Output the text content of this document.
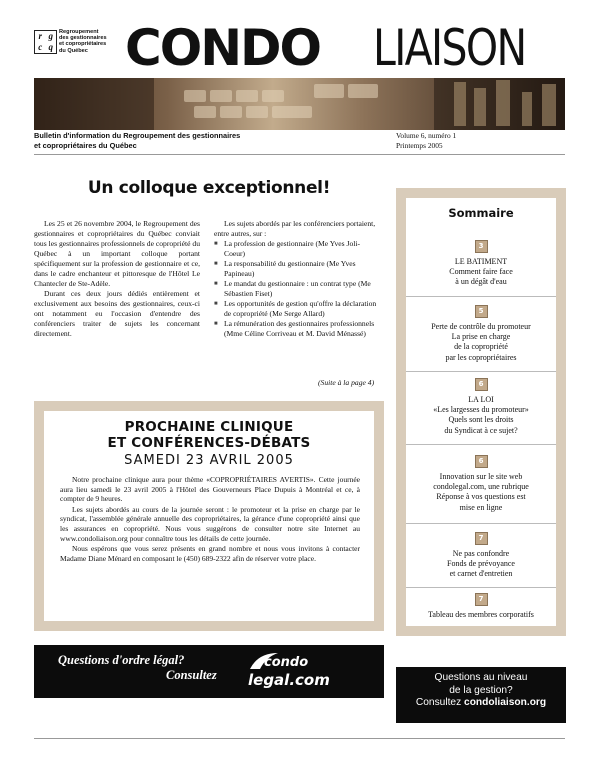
r g
c q
Regroupement
des gestionnaires
et copropriétaires
du Québec CONDO LIAISON
Bulletin d'information du Regroupement des gestionnaires
et copropriétaires du Québec
Volume 6, numéro 1
Printemps 2005
Un colloque exceptionnel!

Les 25 et 26 novembre 2004, le Regroupement des gestionnaires et copropriétaires du Québec conviait tous les gestionnaires professionnels de copropriété du Québec à un important colloque portant spécifiquement sur la profession de gestionnaire et ce, dans le cadre enchanteur et pittoresque de l'Hôtel Le Chantecler de Ste-Adèle.

Durant ces deux jours dédiés entièrement et exclusivement aux besoins des gestionnaires, ceux-ci ont notamment eu l'occasion d'entendre des conférenciers traiter de sujets les concernant directement.

Les sujets abordés par les conférenciers portaient, entre autres, sur :

■ La profession de gestionnaire (Me Yves Joli-Coeur)
■ La responsabilité du gestionnaire (Me Yves Papineau)
■ Le mandat du gestionnaire : un contrat type (Me Sébastien Fiset)
■ Les opportunités de gestion qu'offre la déclaration de copropriété (Me Serge Allard)
■ La rémunération des gestionnaires professionnels (Mme Céline Corriveau et M. David Ménassé)
(Suite à la page 4)
PROCHAINE CLINIQUE
ET CONFÉRENCES-DÉBATS
SAMEDI 23 AVRIL 2005

Notre prochaine clinique aura pour thème «COPROPRIÉTAIRES AVERTIS». Cette journée aura lieu samedi le 23 avril 2005 à l'Hôtel des Gouverneurs Place Dupuis à Montréal et ce, à compter de 9 heures.

Les sujets abordés au cours de la journée seront : le promoteur et la prise en charge par le syndicat, l'assemblée générale annuelle des copropriétaires, la gérance d'une copropriété ainsi que les assurances en copropriété. Nous vous suggérons de consulter notre site Internet au www.condoliaison.org pour connaître tous les détails de cette journée.

Nous espérons que vous serez présents en grand nombre et nous vous invitons à contacter Madame Diane Ménard en composant le (450) 689-2322 afin de réserver votre place.

Sommaire
3
LE BATIMENT
Comment faire face
à un dégât d'eau
5
Perte de contrôle du promoteur
La prise en charge
de la copropriété
par les copropriétaires
6
LA LOI
«Les largesses du promoteur»
Quels sont les droits
du Syndicat à ce sujet?
6
Innovation sur le site web
condolegal.com, une rubrique
Réponse à vos questions est
mise en ligne
7
Ne pas confondre
Fonds de prévoyance
et carnet d'entretien
7
Tableau des membres corporatifs
Questions d'ordre légal?
Consultez
condo
legal.com	Questions au niveau
de la gestion?
Consultez condoliaison.org
